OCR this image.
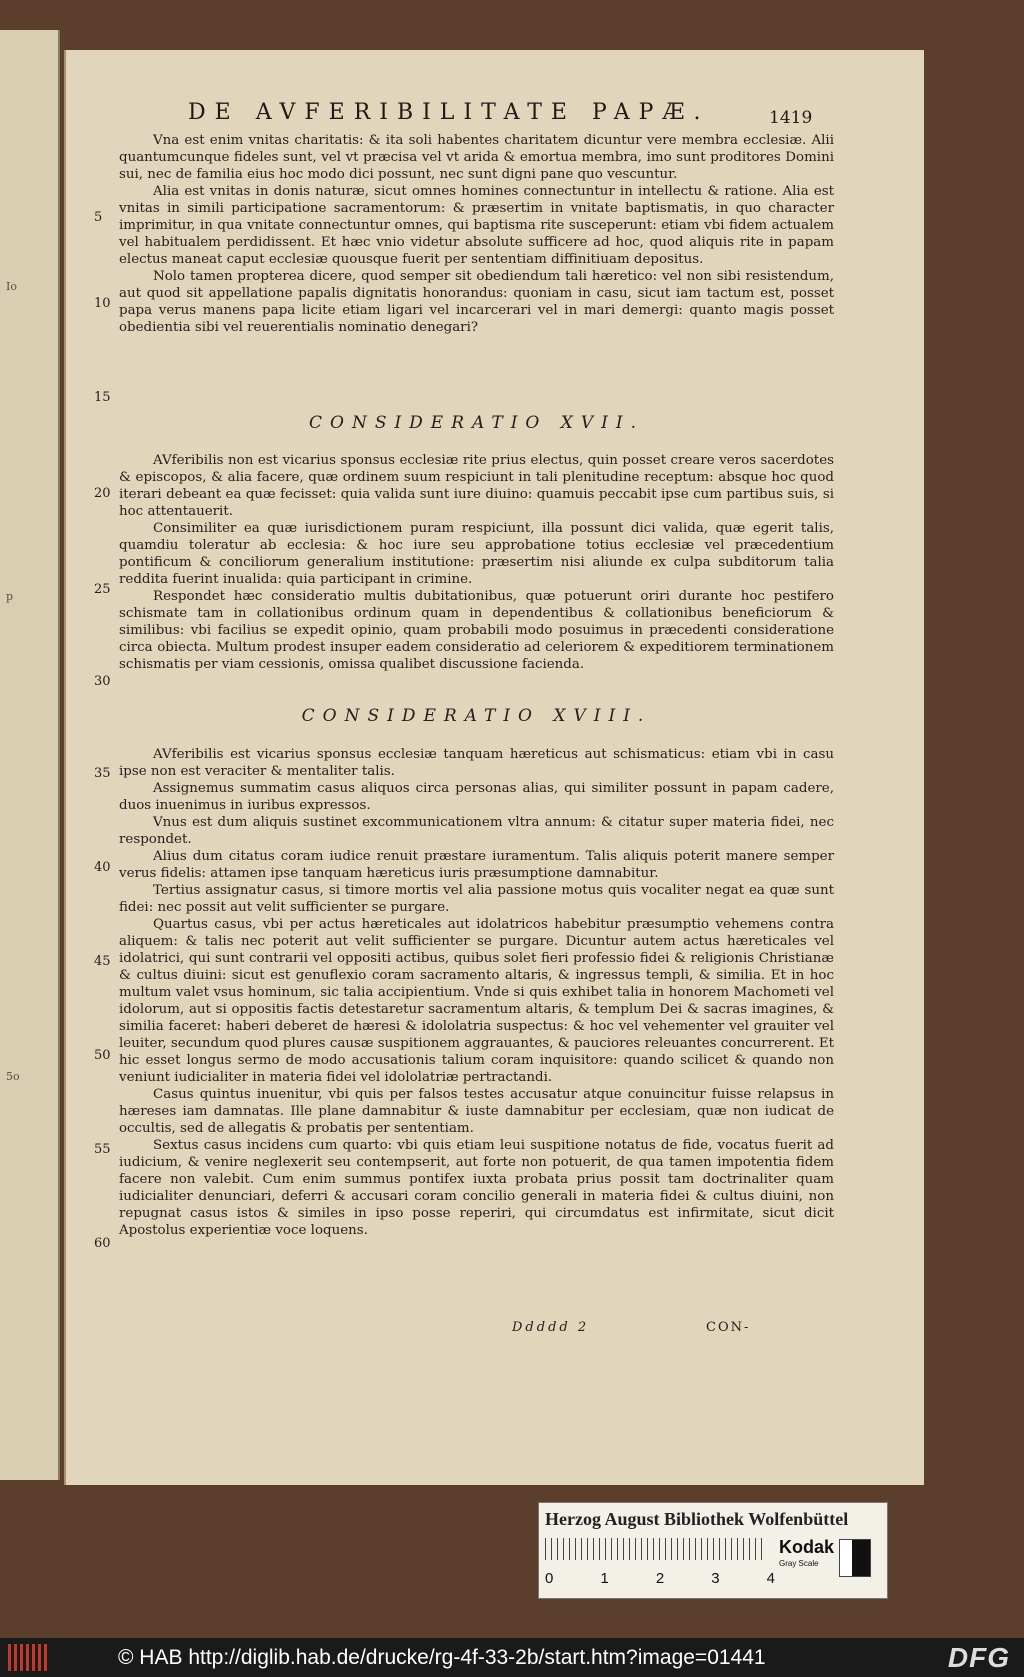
Io
p
5o
DE AVFERIBILITATE PAPÆ.	1419

Vna est enim vnitas charitatis: & ita soli habentes charitatem dicuntur vere membra ecclesiæ. Alii quantumcunque fideles sunt, vel vt præcisa vel vt arida & emortua membra, imo sunt proditores Domini sui, nec de familia eius hoc modo dici possunt, nec sunt digni pane quo vescuntur.

Alia est vnitas in donis naturæ, sicut omnes homines connectuntur in intellectu & ratione. Alia est vnitas in simili participatione sacramentorum: & præsertim in vnitate baptismatis, in quo character imprimitur, in qua vnitate connectuntur omnes, qui baptisma rite susceperunt: etiam vbi fidem actualem vel habitualem perdidissent. Et hæc vnio videtur absolute sufficere ad hoc, quod aliquis rite in papam electus maneat caput ecclesiæ quousque fuerit per sententiam diffinitiuam depositus.

Nolo tamen propterea dicere, quod semper sit obediendum tali hæretico: vel non sibi resistendum, aut quod sit appellatione papalis dignitatis honorandus: quoniam in casu, sicut iam tactum est, posset papa verus manens papa licite etiam ligari vel incarcerari vel in mari demergi: quanto magis posset obedientia sibi vel reuerentialis nominatio denegari?

CONSIDERATIO XVII.

AVferibilis non est vicarius sponsus ecclesiæ rite prius electus, quin posset creare veros sacerdotes & episcopos, & alia facere, quæ ordinem suum respiciunt in tali plenitudine receptum: absque hoc quod iterari debeant ea quæ fecisset: quia valida sunt iure diuino: quamuis peccabit ipse cum partibus suis, si hoc attentauerit.

Consimiliter ea quæ iurisdictionem puram respiciunt, illa possunt dici valida, quæ egerit talis, quamdiu toleratur ab ecclesia: & hoc iure seu approbatione totius ecclesiæ vel præcedentium pontificum & conciliorum generalium institutione: præsertim nisi aliunde ex culpa subditorum talia reddita fuerint inualida: quia participant in crimine.

Respondet hæc consideratio multis dubitationibus, quæ potuerunt oriri durante hoc pestifero schismate tam in collationibus ordinum quam in dependentibus & collationibus beneficiorum & similibus: vbi facilius se expedit opinio, quam probabili modo posuimus in præcedenti consideratione circa obiecta. Multum prodest insuper eadem consideratio ad celeriorem & expeditiorem terminationem schismatis per viam cessionis, omissa qualibet discussione facienda.

CONSIDERATIO XVIII.

AVferibilis est vicarius sponsus ecclesiæ tanquam hæreticus aut schismaticus: etiam vbi in casu ipse non est veraciter & mentaliter talis.

Assignemus summatim casus aliquos circa personas alias, qui similiter possunt in papam cadere, duos inuenimus in iuribus expressos.

Vnus est dum aliquis sustinet excommunicationem vltra annum: & citatur super materia fidei, nec respondet.

Alius dum citatus coram iudice renuit præstare iuramentum. Talis aliquis poterit manere semper verus fidelis: attamen ipse tanquam hæreticus iuris præsumptione damnabitur.

Tertius assignatur casus, si timore mortis vel alia passione motus quis vocaliter negat ea quæ sunt fidei: nec possit aut velit sufficienter se purgare.

Quartus casus, vbi per actus hæreticales aut idolatricos habebitur præsumptio vehemens contra aliquem: & talis nec poterit aut velit sufficienter se purgare. Dicuntur autem actus hæreticales vel idolatrici, qui sunt contrarii vel oppositi actibus, quibus solet fieri professio fidei & religionis Christianæ & cultus diuini: sicut est genuflexio coram sacramento altaris, & ingressus templi, & similia. Et in hoc multum valet vsus hominum, sic talia accipientium. Vnde si quis exhibet talia in honorem Machometi vel idolorum, aut si oppositis factis detestaretur sacramentum altaris, & templum Dei & sacras imagines, & similia faceret: haberi deberet de hæresi & idololatria suspectus: & hoc vel vehementer vel grauiter vel leuiter, secundum quod plures causæ suspitionem aggrauantes, & pauciores releuantes concurrerent. Et hic esset longus sermo de modo accusationis talium coram inquisitore: quando scilicet & quando non veniunt iudicialiter in materia fidei vel idololatriæ pertractandi.

Casus quintus inuenitur, vbi quis per falsos testes accusatur atque conuincitur fuisse relapsus in hæreses iam damnatas. Ille plane damnabitur & iuste damnabitur per ecclesiam, quæ non iudicat de occultis, sed de allegatis & probatis per sententiam.

Sextus casus incidens cum quarto: vbi quis etiam leui suspitione notatus de fide, vocatus fuerit ad iudicium, & venire neglexerit seu contempserit, aut forte non potuerit, de qua tamen impotentia fidem facere non valebit. Cum enim summus pontifex iuxta probata prius possit tam doctrinaliter quam iudicialiter denunciari, deferri & accusari coram concilio generali in materia fidei & cultus diuini, non repugnat casus istos & similes in ipso posse reperiri, qui circumdatus est infirmitate, sicut dicit Apostolus experientiæ voce loquens.

5
10
15
20
25
30
35
40
45
50
55
60
Ddddd 2	CON-
Herzog August Bibliothek Wolfenbüttel
0	1	2	3	4
Kodak
Gray Scale
© HAB http://diglib.hab.de/drucke/rg-4f-33-2b/start.htm?image=01441	DFG
